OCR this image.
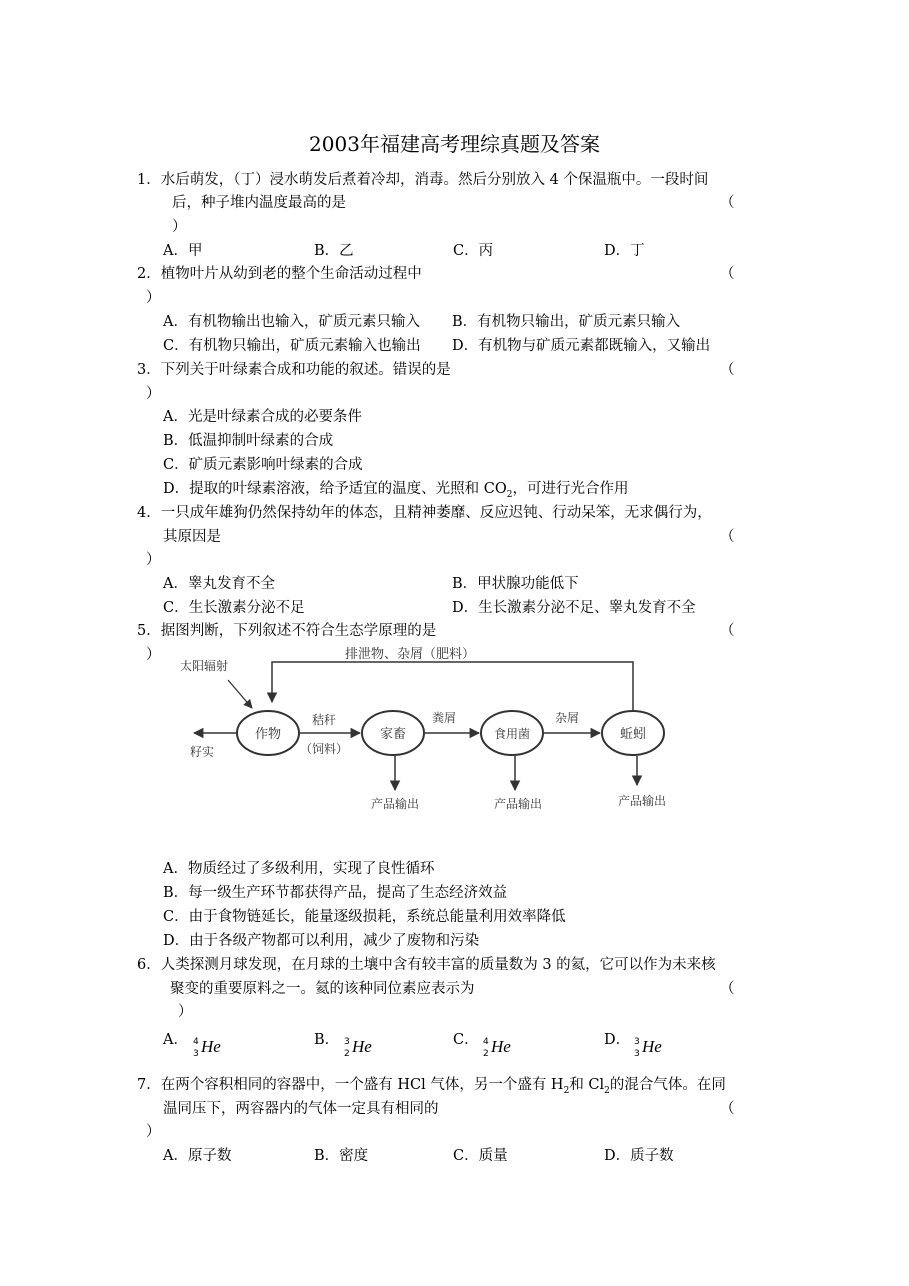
2003年福建高考理综真题及答案
1．水后萌发，（丁）浸水萌发后煮着冷却，消毒。然后分别放入 4 个保温瓶中。一段时间
后，种子堆内温度最高的是	（
）
A．甲	B．乙	C．丙	D．丁
2．植物叶片从幼到老的整个生命活动过程中	（
）
A．有机物输出也输入，矿质元素只输入 B．有机物只输出，矿质元素只输入
C．有机物只输出，矿质元素输入也输出 D．有机物与矿质元素都既输入，又输出
3．下列关于叶绿素合成和功能的叙述。错误的是	（
）
A．光是叶绿素合成的必要条件
B．低温抑制叶绿素的合成
C．矿质元素影响叶绿素的合成
D．提取的叶绿素溶液，给予适宜的温度、光照和 $CO_2$，可进行光合作用
4．一只成年雄狗仍然保持幼年的体态，且精神萎靡、反应迟钝、行动呆笨，无求偶行为，
其原因是	（
）
A．睾丸发育不全	B．甲状腺功能低下
C．生长激素分泌不足	D．生长激素分泌不足、睾丸发育不全
5．据图判断，下列叙述不符合生态学原理的是	（
）	排泄物、杂屑（肥料）
太阳辐射
作物	家畜	食用菌	蚯蚓
秸秆
（饲料）
粪屑	杂屑
籽实
产品输出	产品输出	产品输出
A．物质经过了多级利用，实现了良性循环
B．每一级生产环节都获得产品，提高了生态经济效益
C．由于食物链延长，能量逐级损耗，系统总能量利用效率降低
D．由于各级产物都可以利用，减少了废物和污染
6．人类探测月球发现，在月球的土壤中含有较丰富的质量数为 3 的氦，它可以作为未来核
聚变的重要原料之一。氦的该种同位素应表示为	（
）
A． 4
3 He	B． 3
2 He	C． 4
2 He	D． 3
3 He
7．在两个容积相同的容器中，一个盛有 HCl 气体，另一个盛有 $H_2$和 $Cl_2$的混合气体。在同
温同压下，两容器内的气体一定具有相同的	（
）
A．原子数	B．密度	C．质量	D．质子数
